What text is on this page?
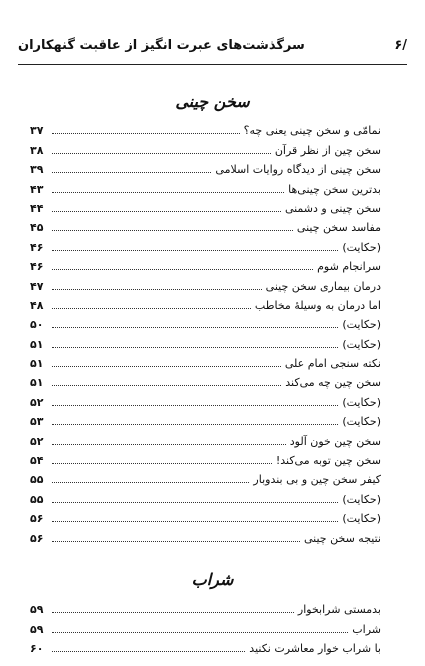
/۶
سرگذشت‌های عبرت انگیز از عاقبت گنهکاران
سخن چینی
نمامّی و سخن چینی یعنی چه؟
۳۷
سخن چین از نظر قرآن
۳۸
سخن چینی از دیدگاه روایات اسلامی
۳۹
بدترین سخن چینی‌ها
۴۳
سخن چینی و دشمنی
۴۴
مفاسد سخن چینی
۴۵
(حکایت)
۴۶
سرانجام شوم
۴۶
درمان بیماری سخن چینی
۴۷
اما درمان به وسیلهٔ مخاطب
۴۸
(حکایت)
۵۰
(حکایت)
۵۱
نکته سنجی امام علی
۵۱
سخن چین چه می‌کند
۵۱
(حکایت)
۵۲
(حکایت)
۵۳
سخن چین خون آلود
۵۲
سخن چین توبه می‌کند!
۵۴
کیفر سخن چین و بی بندوبار
۵۵
(حکایت)
۵۵
(حکایت)
۵۶
نتیجه سخن چینی
۵۶
شراب
بدمستی شرابخوار
۵۹
شراب
۵۹
با شراب خوار معاشرت نکنید
۶۰
